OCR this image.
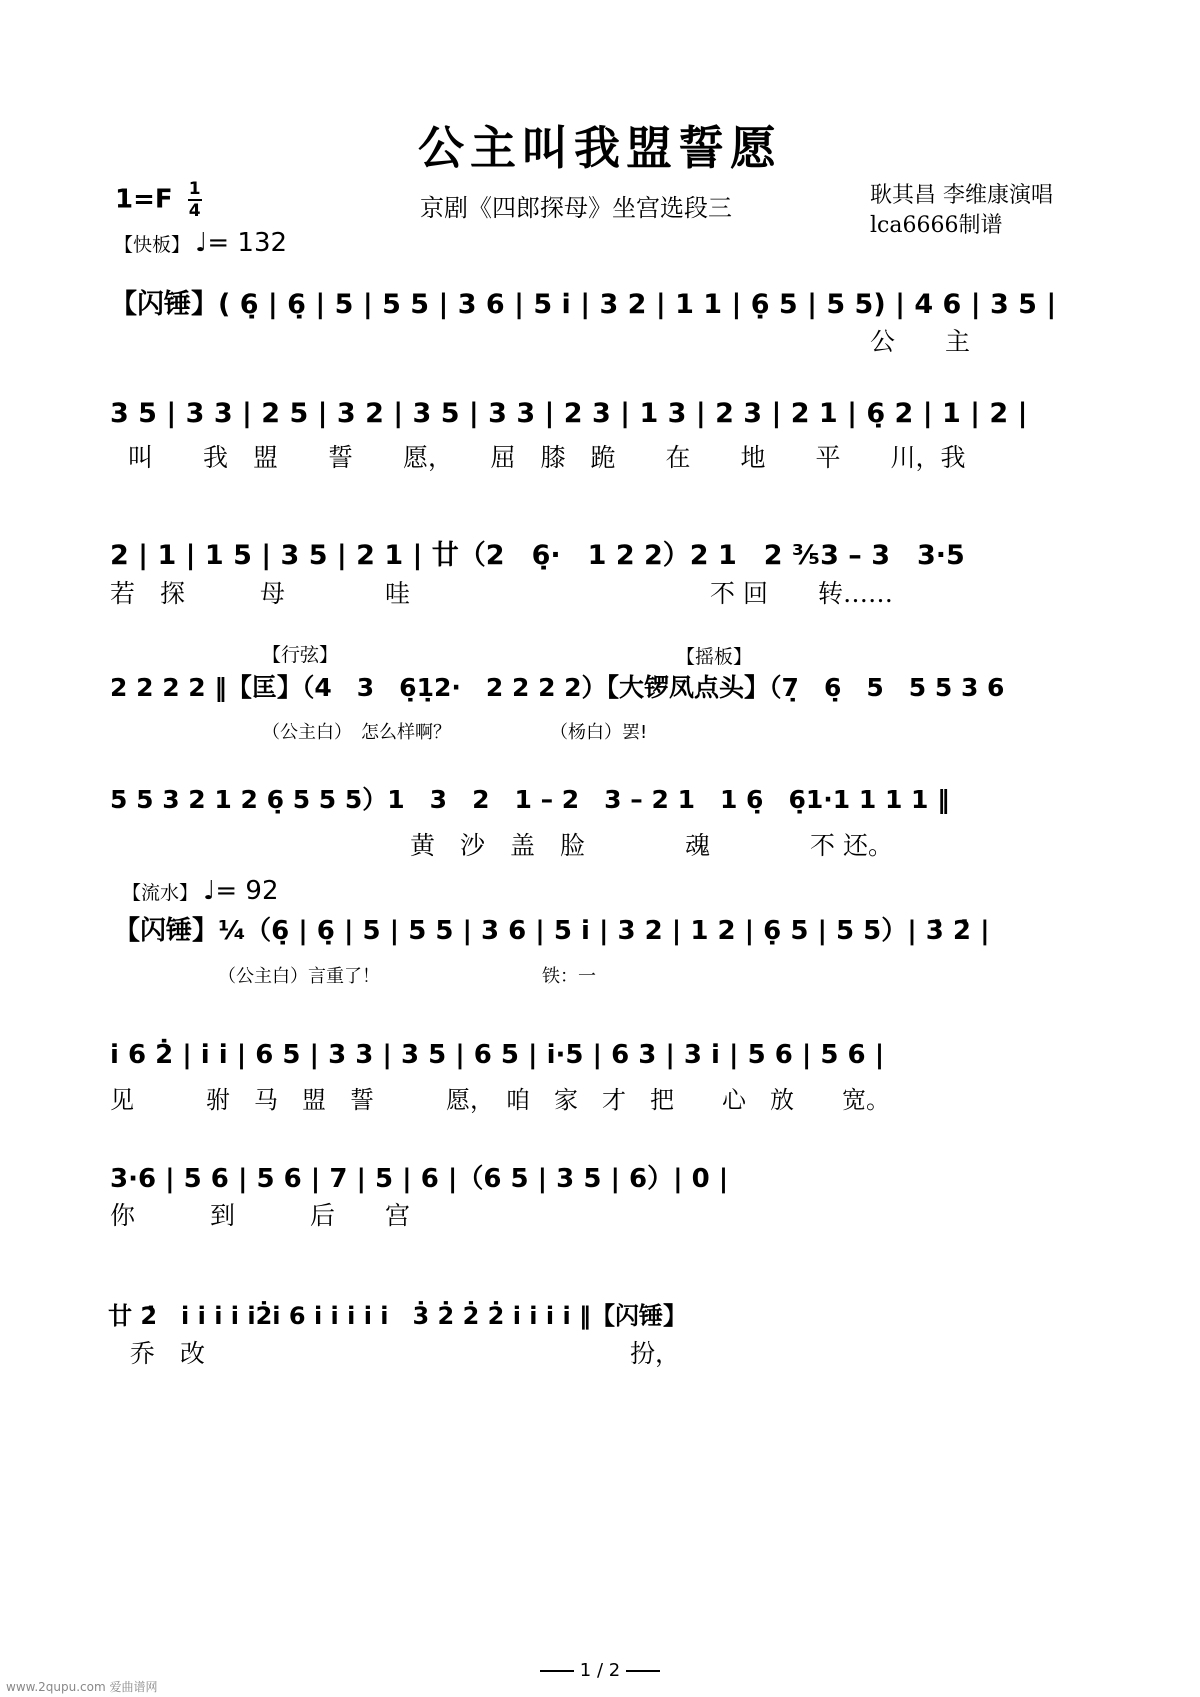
公主叫我盟誓愿
$1=F \frac{1}{4}$	京剧《四郎探母》坐宫选段三	耿其昌 李维康演唱
lca6666制谱
【快板】 ♩= 132
【闪锤】( 6̣ | 6̣ | 5 | 5 5 | 3 6 | 5 i̇ | 3 2 | 1 1 | 6̣ 5 | 5 5) | 4 6 | 3 5 |
公　　主
3 5 | 3 3 | 2 5 | 3 2 | 3 5 | 3 3 | 2 3 | 1 3 | 2 3 | 2 1 | 6̣ 2 | 1 | 2 |
叫　　我　盟　　誓　　愿，　　屈　膝　跪　　在　　地　　平　　川，我
2 | 1 | 1 5 | 3 5 | 2 1 | 廿（2　6̣·　1 2 2）2 1　2 ³⁄₅3 – 3　3·5
若　探　　　母　　　　哇　　　　　　　　　　　　不 回　　转……
【行弦】	【摇板】
2 2 2 2 ‖【匡】（4　3　6̣1̣2·　2 2 2 2）【大锣凤点头】（7̣　6̣　5　5 5 3 6
（公主白）　怎么样啊？　　　　　　（杨白）罢!
5 5 3 2 1 2 6̣ 5 5 5）1　3　2　1 – 2　3 – 2 1　1 6̣　6̣1·1 1 1 1 ‖
黄　沙　盖　脸　　　　魂　　　　不 还。
【流水】 ♩= 92
【闪锤】¹⁄₄（6̣ | 6̣ | 5 | 5 5 | 3 6 | 5 i̇ | 3 2 | 1 2 | 6̣ 5 | 5 5）| 3̇ 2̇ |
（公主白）言重了！　　　　　　　　　铁：一
i̇ 6 2̇ | i̇ i̇ | 6 5 | 3 3 | 3 5 | 6 5 | i̇·5 | 6 3 | 3 i̇ | 5 6 | 5 6 |
见　　　驸　马　盟　誓　　　愿，　咱　家　才　把　　心　放　　宽。
3·6 | 5 6 | 5 6 | 7 | 5 | 6 |（6 5 | 3 5 | 6）| 0 |
你　　　到　　　后　　宫
廿 2̇　i̇ i̇ i̇ i̇ i̇2̇i̇ 6 i̇ i̇ i̇ i̇ i̇　3̇ 2̇ 2̇ 2̇ i̇ i̇ i̇ i̇ ‖【闪锤】
乔　改　　　　　　　　　　　　　　　　　扮，
1 / 2
www.2qupu.com 爱曲谱网
